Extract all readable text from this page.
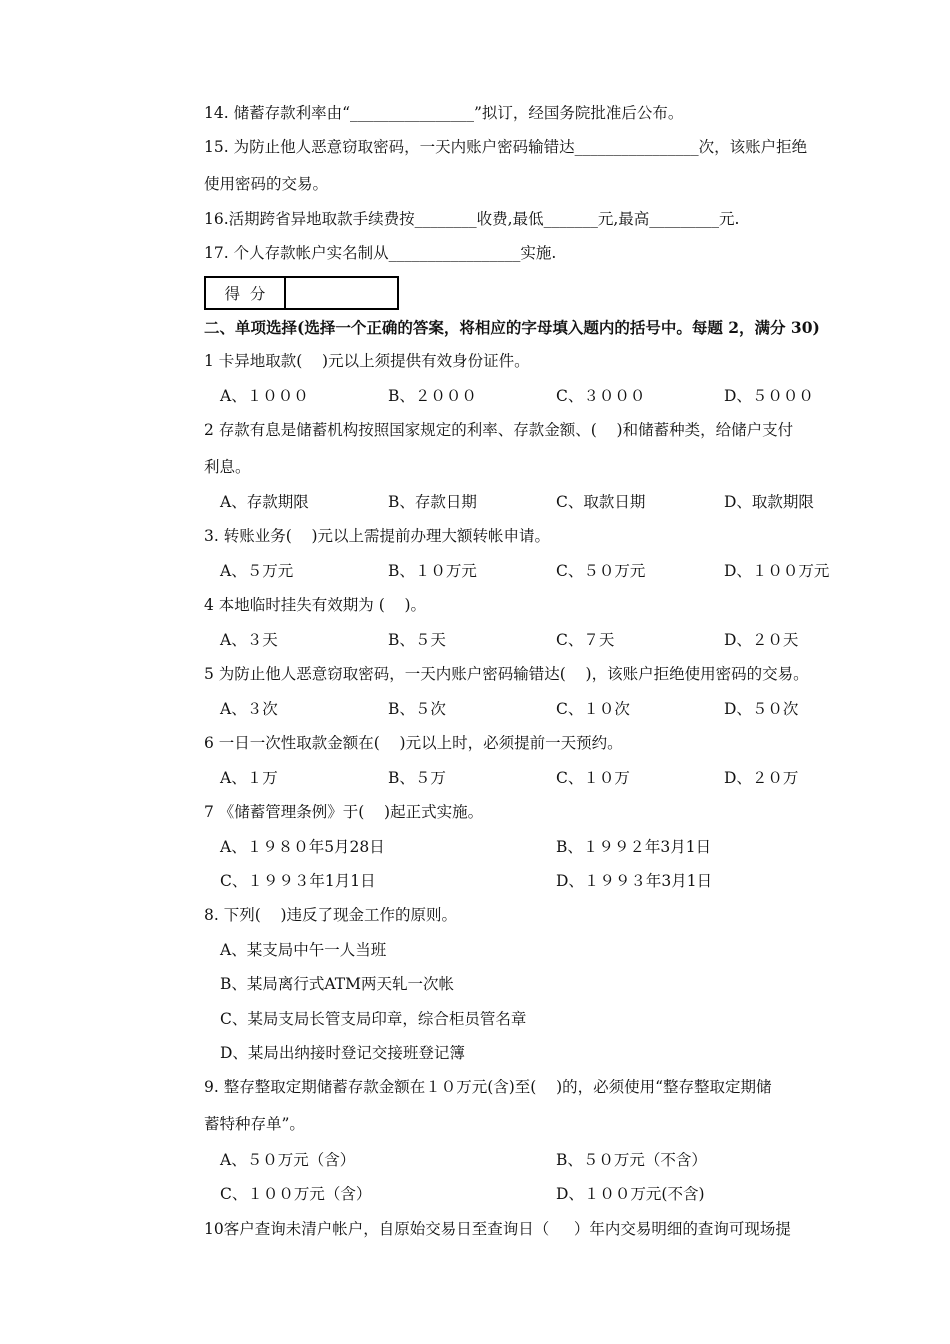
14. 储蓄存款利率由“________________”拟订，经国务院批准后公布。
15. 为防止他人恶意窃取密码，一天内账户密码输错达________________次，该账户拒绝
使用密码的交易。
16.活期跨省异地取款手续费按________收费,最低_______元,最高_________元.
17. 个人存款帐户实名制从_________________实施.
得  分
二、单项选择(选择一个正确的答案，将相应的字母填入题内的括号中。每题 2，满分 30)
1 卡异地取款(    )元以上须提供有效身份证件。
A、１０００	B、２０００	C、３０００	D、５０００
2 存款有息是储蓄机构按照国家规定的利率、存款金额、(    )和储蓄种类，给储户支付
利息。
A、存款期限	B、存款日期	C、取款日期	D、取款期限
3. 转账业务(    )元以上需提前办理大额转帐申请。
A、５万元	B、１０万元	C、５０万元	D、１００万元
4 本地临时挂失有效期为 (    )。
A、３天	B、５天	C、７天	D、２０天
5 为防止他人恶意窃取密码，一天内账户密码输错达(    )，该账户拒绝使用密码的交易。
A、３次	B、５次	C、１０次	D、５０次
6 一日一次性取款金额在(    )元以上时，必须提前一天预约。
A、１万	B、５万	C、１０万	D、２０万
7 《储蓄管理条例》于(    )起正式实施。
A、１９８０年5月28日	B、１９９２年3月1日
C、１９９３年1月1日	D、１９９３年3月1日
8. 下列(    )违反了现金工作的原则。
A、某支局中午一人当班
B、某局离行式ATM两天轧一次帐
C、某局支局长管支局印章，综合柜员管名章
D、某局出纳接时登记交接班登记簿
9. 整存整取定期储蓄存款金额在１０万元(含)至(    )的，必须使用“整存整取定期储
蓄特种存单”。
A、５０万元（含）	B、５０万元（不含）
C、１００万元（含）	D、１００万元(不含)
10客户查询未清户帐户，自原始交易日至查询日（     ）年内交易明细的查询可现场提
